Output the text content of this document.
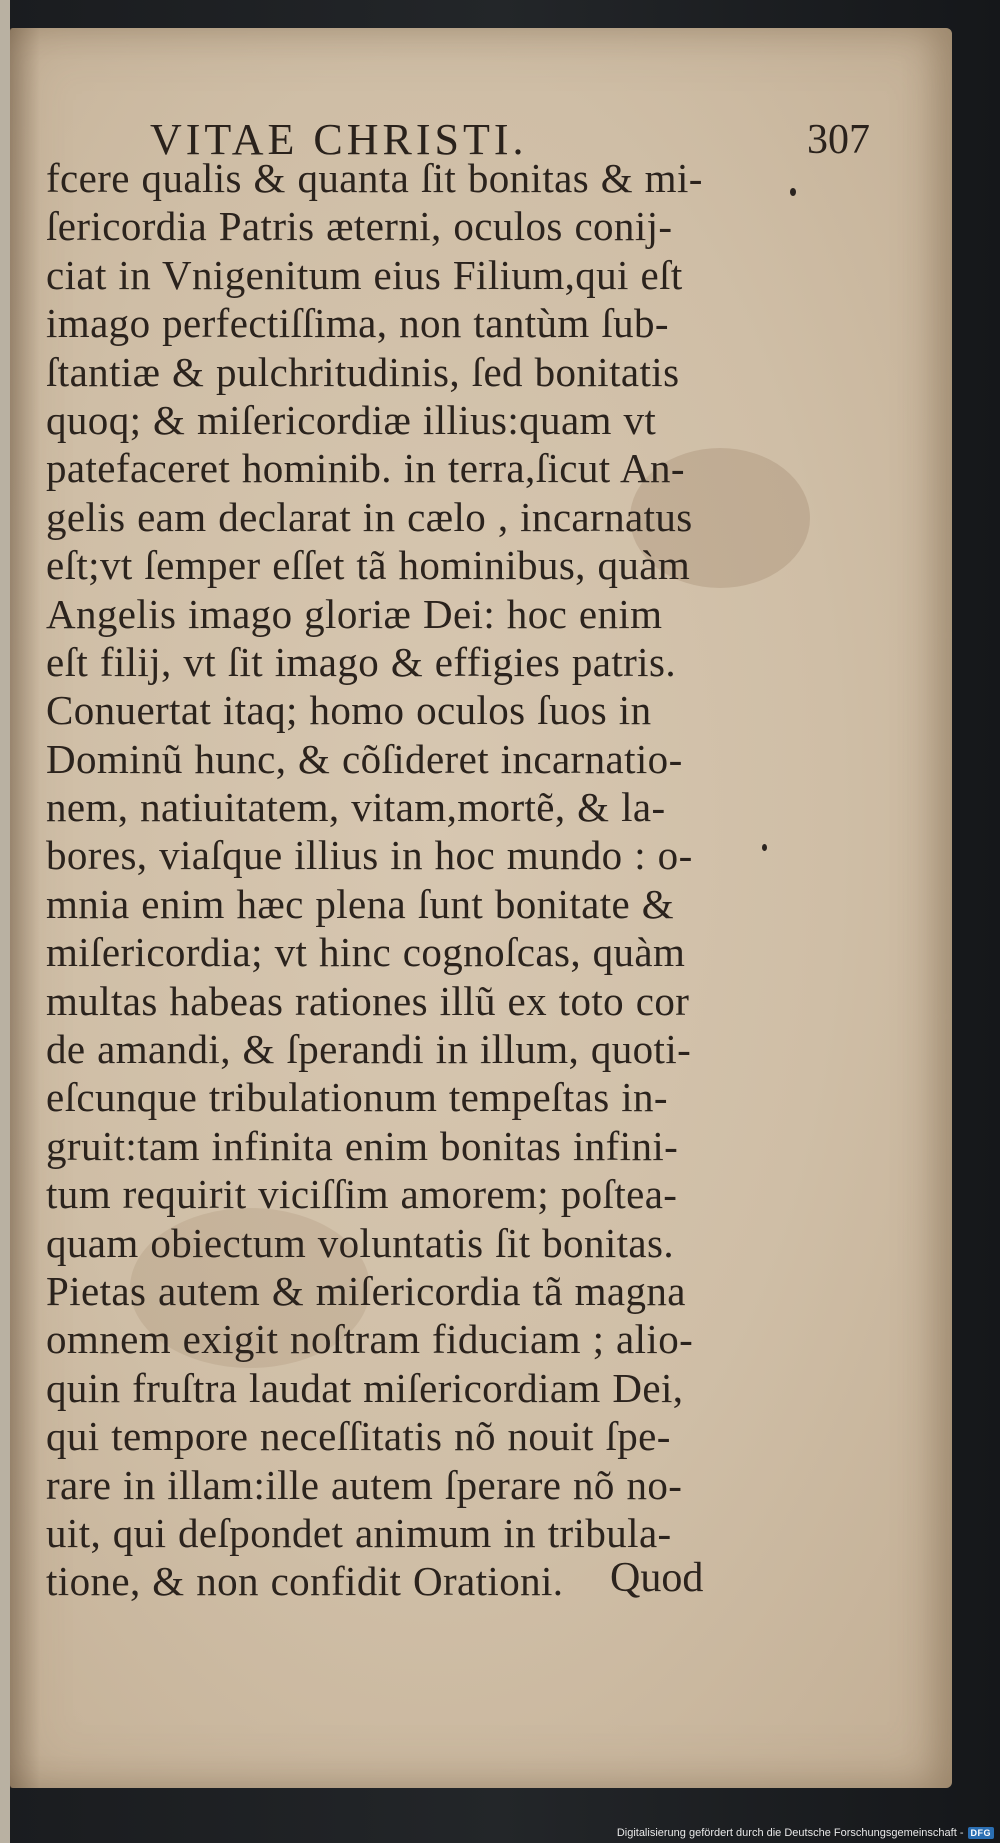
VITAE CHRISTI.	307
fcere qualis & quanta ſit bonitas & mi-
ſericordia Patris æterni, oculos conij-
ciat in Vnigenitum eius Filium,qui eſt
imago perfectiſſima, non tantùm ſub-
ſtantiæ & pulchritudinis, ſed bonitatis
quoq; & miſericordiæ illius:quam vt
patefaceret hominib. in terra,ſicut An-
gelis eam declarat in cælo , incarnatus
eſt;vt ſemper eſſet tã hominibus, quàm
Angelis imago gloriæ Dei: hoc enim
eſt filij, vt ſit imago & effigies patris.
Conuertat itaq; homo oculos ſuos in
Dominũ hunc, & cõſideret incarnatio-
nem, natiuitatem, vitam,mortẽ, & la-
bores, viaſque illius in hoc mundo : o-
mnia enim hæc plena ſunt bonitate &
miſericordia; vt hinc cognoſcas, quàm
multas habeas rationes illũ ex toto cor
de amandi, & ſperandi in illum, quoti-
eſcunque tribulationum tempeſtas in-
gruit:tam infinita enim bonitas infini-
tum requirit viciſſim amorem; poſtea-
quam obiectum voluntatis ſit bonitas.
Pietas autem & miſericordia tã magna
omnem exigit noſtram fiduciam ; alio-
quin fruſtra laudat miſericordiam Dei,
qui tempore neceſſitatis nõ nouit ſpe-
rare in illam:ille autem ſperare nõ no-
uit, qui deſpondet animum in tribula-
tione, & non confidit Orationi.	Quod
Digitalisierung gefördert durch die Deutsche Forschungsgemeinschaft - DFG
